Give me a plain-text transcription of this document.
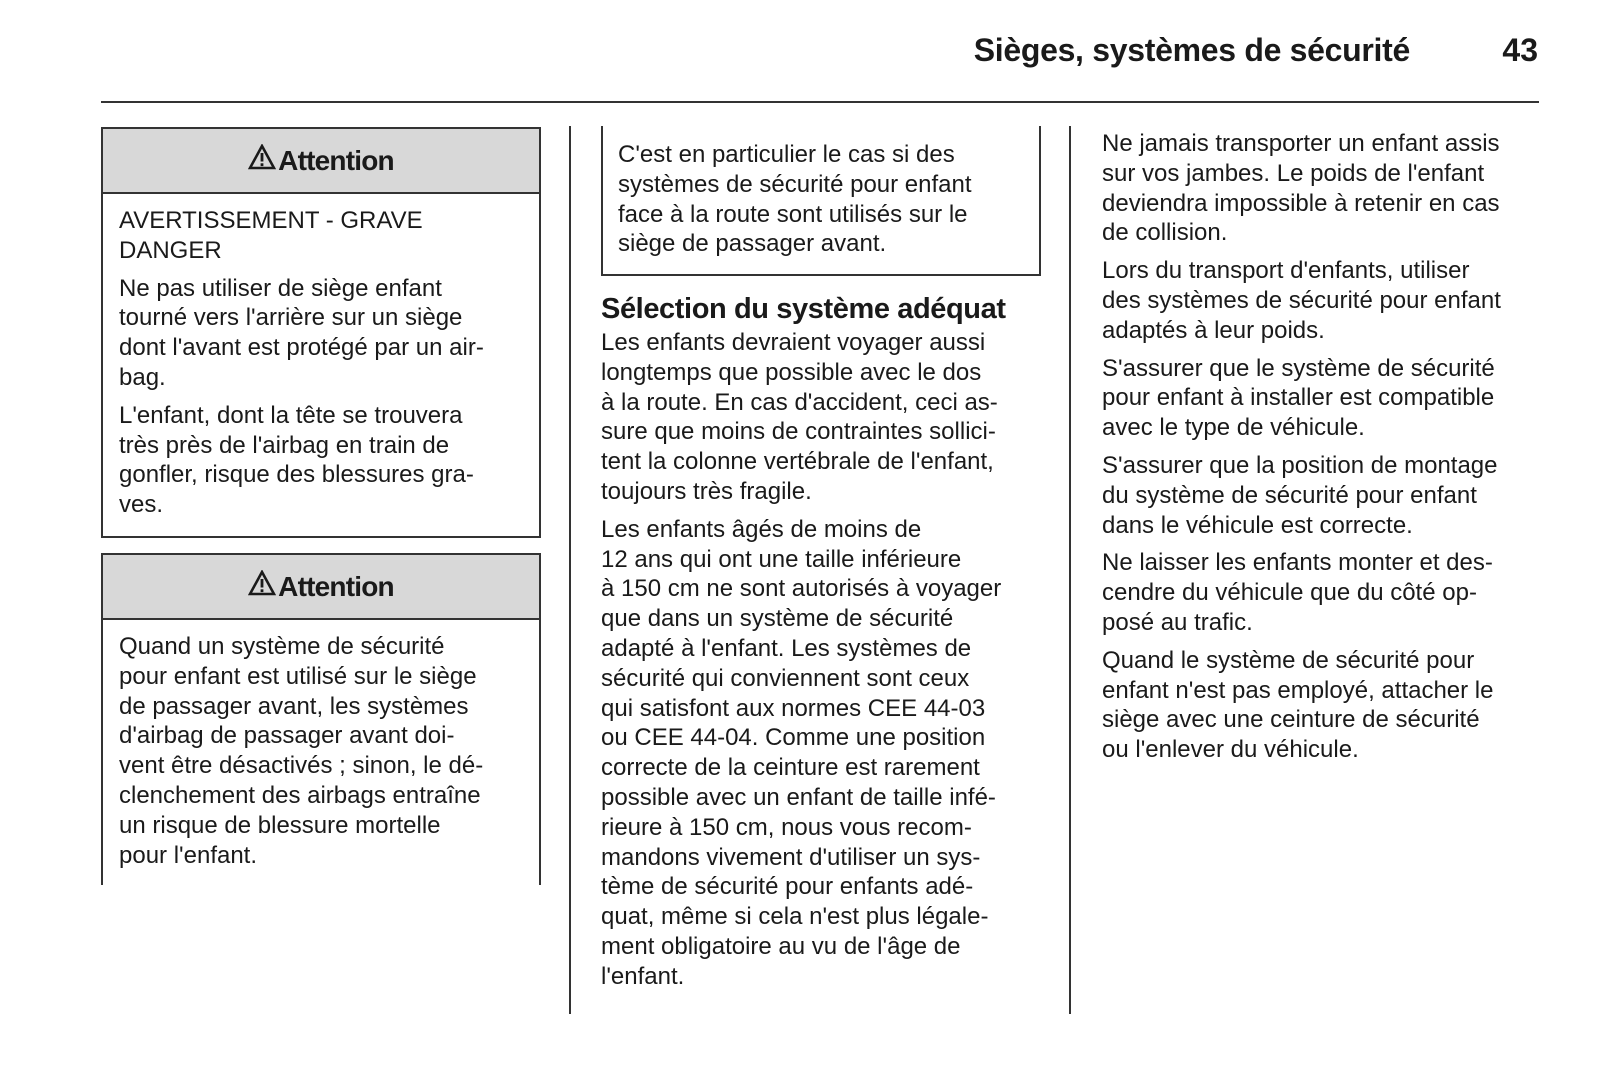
Sièges, systèmes de sécurité	43
Attention
AVERTISSEMENT - GRAVE
DANGER
Ne pas utiliser de siège enfant
tourné vers l'arrière sur un siège
dont l'avant est protégé par un air-
bag.
L'enfant, dont la tête se trouvera
très près de l'airbag en train de
gonfler, risque des blessures gra-
ves.
Attention
Quand un système de sécurité
pour enfant est utilisé sur le siège
de passager avant, les systèmes
d'airbag de passager avant doi-
vent être désactivés ; sinon, le dé-
clenchement des airbags entraîne
un risque de blessure mortelle
pour l'enfant.
C'est en particulier le cas si des
systèmes de sécurité pour enfant
face à la route sont utilisés sur le
siège de passager avant.
Sélection du système adéquat
Les enfants devraient voyager aussi
longtemps que possible avec le dos
à la route. En cas d'accident, ceci as-
sure que moins de contraintes sollici-
tent la colonne vertébrale de l'enfant,
toujours très fragile.
Les enfants âgés de moins de
12 ans qui ont une taille inférieure
à 150 cm ne sont autorisés à voyager
que dans un système de sécurité
adapté à l'enfant. Les systèmes de
sécurité qui conviennent sont ceux
qui satisfont aux normes CEE 44-03
ou CEE 44-04. Comme une position
correcte de la ceinture est rarement
possible avec un enfant de taille infé-
rieure à 150 cm, nous vous recom-
mandons vivement d'utiliser un sys-
tème de sécurité pour enfants adé-
quat, même si cela n'est plus légale-
ment obligatoire au vu de l'âge de
l'enfant.
Ne jamais transporter un enfant assis
sur vos jambes. Le poids de l'enfant
deviendra impossible à retenir en cas
de collision.
Lors du transport d'enfants, utiliser
des systèmes de sécurité pour enfant
adaptés à leur poids.
S'assurer que le système de sécurité
pour enfant à installer est compatible
avec le type de véhicule.
S'assurer que la position de montage
du système de sécurité pour enfant
dans le véhicule est correcte.
Ne laisser les enfants monter et des-
cendre du véhicule que du côté op-
posé au trafic.
Quand le système de sécurité pour
enfant n'est pas employé, attacher le
siège avec une ceinture de sécurité
ou l'enlever du véhicule.
